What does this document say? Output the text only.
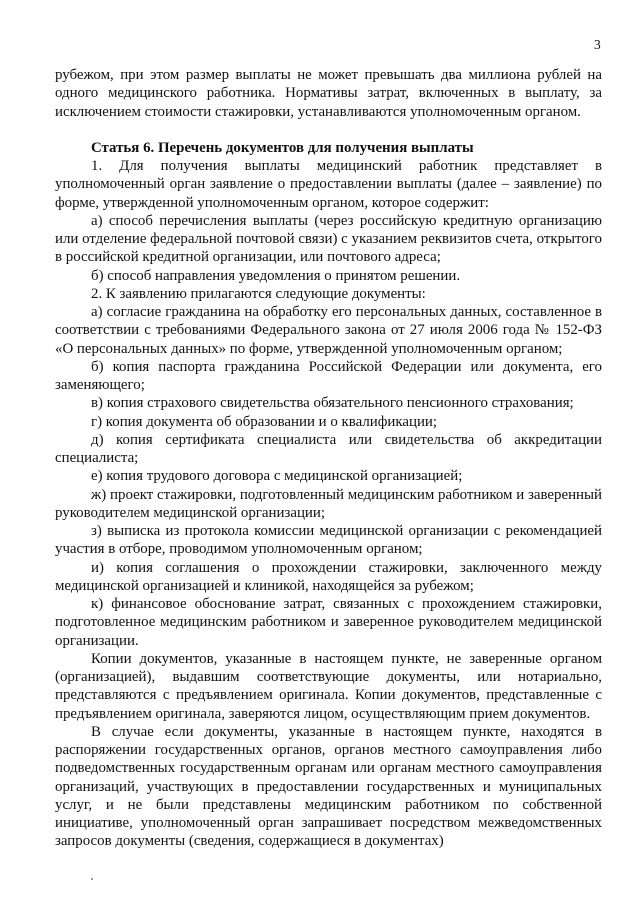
3

рубежом, при этом размер выплаты не может превышать два миллиона рублей на одного медицинского работника. Нормативы затрат, включенных в выплату, за исключением стоимости стажировки, устанавливаются уполномоченным органом.

Статья 6. Перечень документов для получения выплаты

1. Для получения выплаты медицинский работник представляет в уполномоченный орган заявление о предоставлении выплаты (далее – заявление) по форме, утвержденной уполномоченным органом, которое содержит:

а) способ перечисления выплаты (через российскую кредитную организацию или отделение федеральной почтовой связи) с указанием реквизитов счета, открытого в российской кредитной организации, или почтового адреса;

б) способ направления уведомления о принятом решении.

2. К заявлению прилагаются следующие документы:

а) согласие гражданина на обработку его персональных данных, составленное в соответствии с требованиями Федерального закона от 27 июля 2006 года № 152-ФЗ «О персональных данных» по форме, утвержденной уполномоченным органом;

б) копия паспорта гражданина Российской Федерации или документа, его заменяющего;

в) копия страхового свидетельства обязательного пенсионного страхования;

г) копия документа об образовании и о квалификации;

д) копия сертификата специалиста или свидетельства об аккредитации специалиста;

е) копия трудового договора с медицинской организацией;

ж) проект стажировки, подготовленный медицинским работником и заверенный руководителем медицинской организации;

з) выписка из протокола комиссии медицинской организации с рекомендацией участия в отборе, проводимом уполномоченным органом;

и) копия соглашения о прохождении стажировки, заключенного между медицинской организацией и клиникой, находящейся за рубежом;

к) финансовое обоснование затрат, связанных с прохождением стажировки, подготовленное медицинским работником и заверенное руководителем медицинской организации.

Копии документов, указанные в настоящем пункте, не заверенные органом (организацией), выдавшим соответствующие документы, или нотариально, представляются с предъявлением оригинала. Копии документов, представленные с предъявлением оригинала, заверяются лицом, осуществляющим прием документов.

В случае если документы, указанные в настоящем пункте, находятся в распоряжении государственных органов, органов местного самоуправления либо подведомственных государственным органам или органам местного самоуправления организаций, участвующих в предоставлении государственных и муниципальных услуг, и не были представлены медицинским работником по собственной инициативе, уполномоченный орган запрашивает посредством межведомственных запросов документы (сведения, содержащиеся в документах)
